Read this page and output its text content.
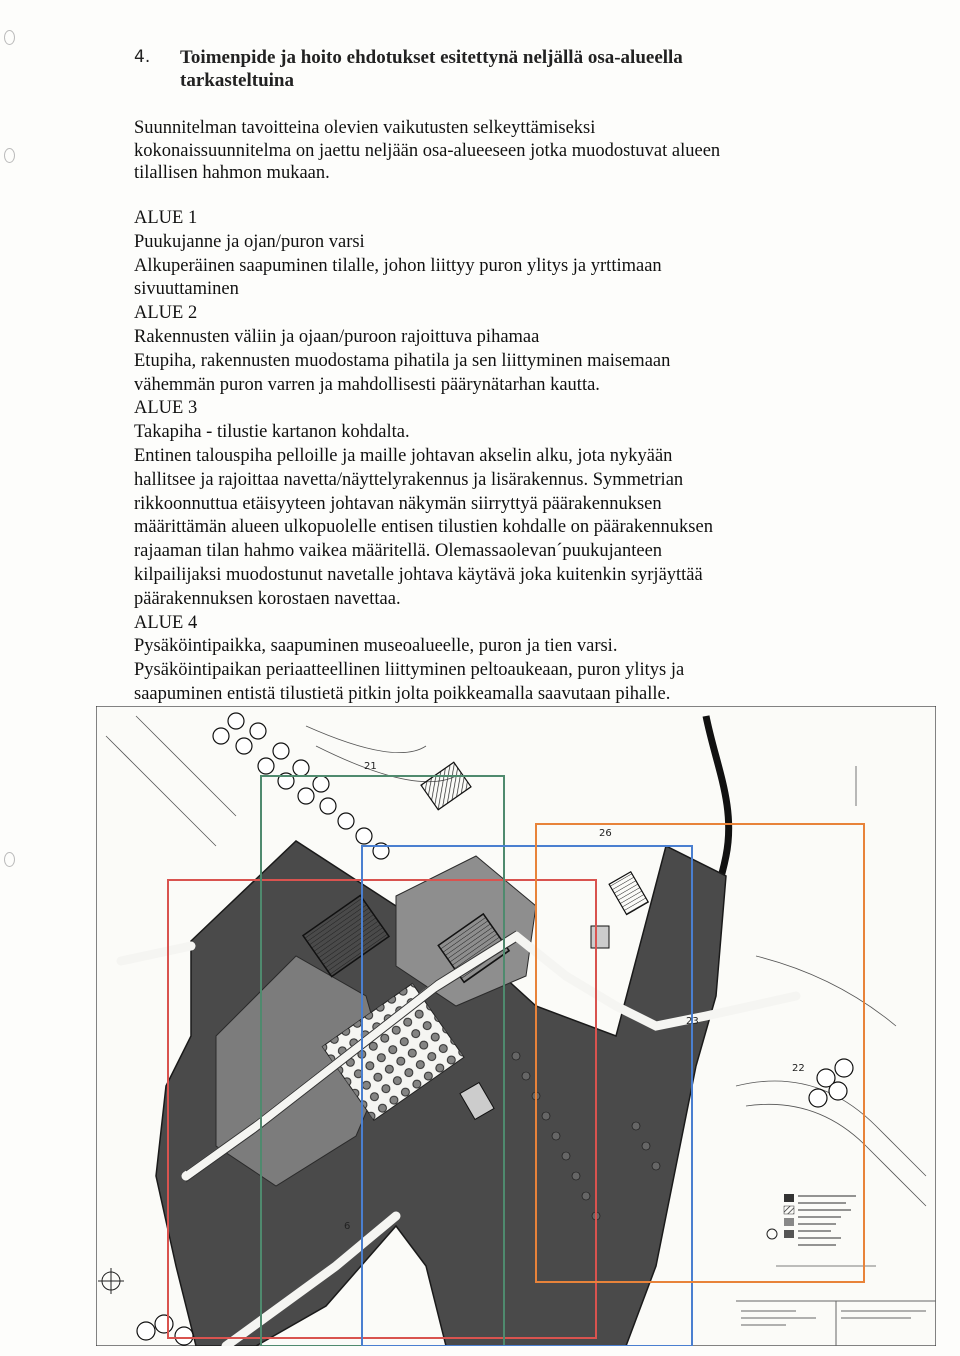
4.	Toimenpide ja hoito ehdotukset esitettynä neljällä osa-alueella
tarkasteltuina

Suunnitelman tavoitteina olevien vaikutusten selkeyttämiseksi

kokonaissuunnitelma on jaettu neljään osa-alueeseen jotka muodostuvat alueen

tilallisen hahmon mukaan.

ALUE 1

Puukujanne ja ojan/puron varsi

Alkuperäinen saapuminen tilalle, johon liittyy puron ylitys ja yrttimaan

sivuuttaminen

ALUE 2

Rakennusten väliin ja ojaan/puroon rajoittuva pihamaa

Etupiha, rakennusten muodostama pihatila ja sen liittyminen maisemaan

vähemmän puron varren ja mahdollisesti päärynätarhan kautta.

ALUE 3

Takapiha - tilustie kartanon kohdalta.

Entinen talouspiha pelloille ja maille johtavan akselin alku, jota nykyään

hallitsee ja rajoittaa navetta/näyttelyrakennus ja lisärakennus. Symmetrian

rikkoonnuttua etäisyyteen johtavan näkymän siirryttyä päärakennuksen

määrittämän alueen ulkopuolelle entisen tilustien kohdalle on päärakennuksen

rajaaman tilan hahmo vaikea määritellä. Olemassaolevan´puukujanteen

kilpailijaksi muodostunut navetalle johtava käytävä joka kuitenkin syrjäyttää

päärakennuksen korostaen navettaa.

ALUE 4

Pysäköintipaikka, saapuminen museoalueelle, puron ja tien varsi.

Pysäköintipaikan periaatteellinen liittyminen peltoaukeaan, puron ylitys ja

saapuminen entistä tilustietä pitkin jolta poikkeamalla saavutaan pihalle.

21
26
23
22
6
